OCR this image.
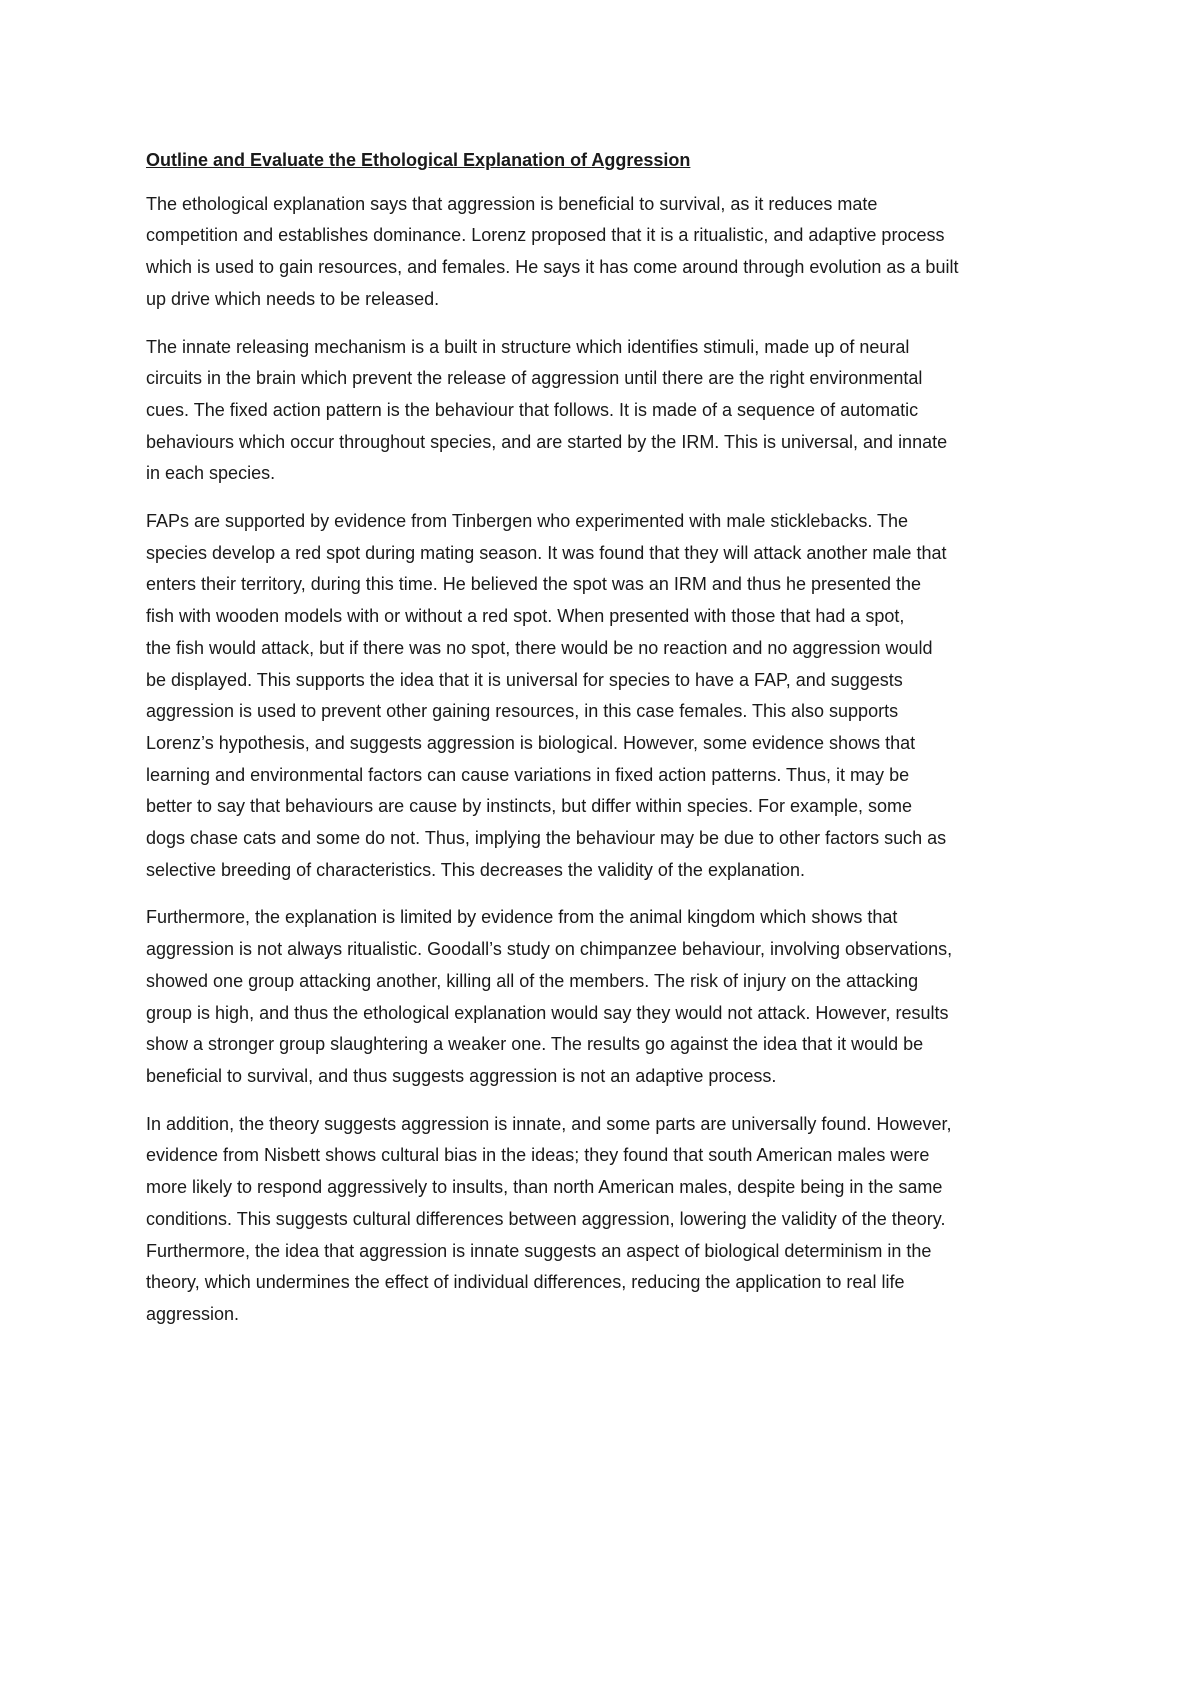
Outline and Evaluate the Ethological Explanation of Aggression
The ethological explanation says that aggression is beneficial to survival, as it reduces mate
competition and establishes dominance. Lorenz proposed that it is a ritualistic, and adaptive process
which is used to gain resources, and females. He says it has come around through evolution as a built
up drive which needs to be released.
The innate releasing mechanism is a built in structure which identifies stimuli, made up of neural
circuits in the brain which prevent the release of aggression until there are the right environmental
cues. The fixed action pattern is the behaviour that follows. It is made of a sequence of automatic
behaviours which occur throughout species, and are started by the IRM. This is universal, and innate
in each species.
FAPs are supported by evidence from Tinbergen who experimented with male sticklebacks. The
species develop a red spot during mating season. It was found that they will attack another male that
enters their territory, during this time. He believed the spot was an IRM and thus he presented the
fish with wooden models with or without a red spot. When presented with those that had a spot,
the fish would attack, but if there was no spot, there would be no reaction and no aggression would
be displayed. This supports the idea that it is universal for species to have a FAP, and suggests
aggression is used to prevent other gaining resources, in this case females. This also supports
Lorenz’s hypothesis, and suggests aggression is biological. However, some evidence shows that
learning and environmental factors can cause variations in fixed action patterns. Thus, it may be
better to say that behaviours are cause by instincts, but differ within species. For example, some
dogs chase cats and some do not. Thus, implying the behaviour may be due to other factors such as
selective breeding of characteristics. This decreases the validity of the explanation.
Furthermore, the explanation is limited by evidence from the animal kingdom which shows that
aggression is not always ritualistic. Goodall’s study on chimpanzee behaviour, involving observations,
showed one group attacking another, killing all of the members. The risk of injury on the attacking
group is high, and thus the ethological explanation would say they would not attack. However, results
show a stronger group slaughtering a weaker one. The results go against the idea that it would be
beneficial to survival, and thus suggests aggression is not an adaptive process.
In addition, the theory suggests aggression is innate, and some parts are universally found. However,
evidence from Nisbett shows cultural bias in the ideas; they found that south American males were
more likely to respond aggressively to insults, than north American males, despite being in the same
conditions. This suggests cultural differences between aggression, lowering the validity of the theory.
Furthermore, the idea that aggression is innate suggests an aspect of biological determinism in the
theory, which undermines the effect of individual differences, reducing the application to real life
aggression.
